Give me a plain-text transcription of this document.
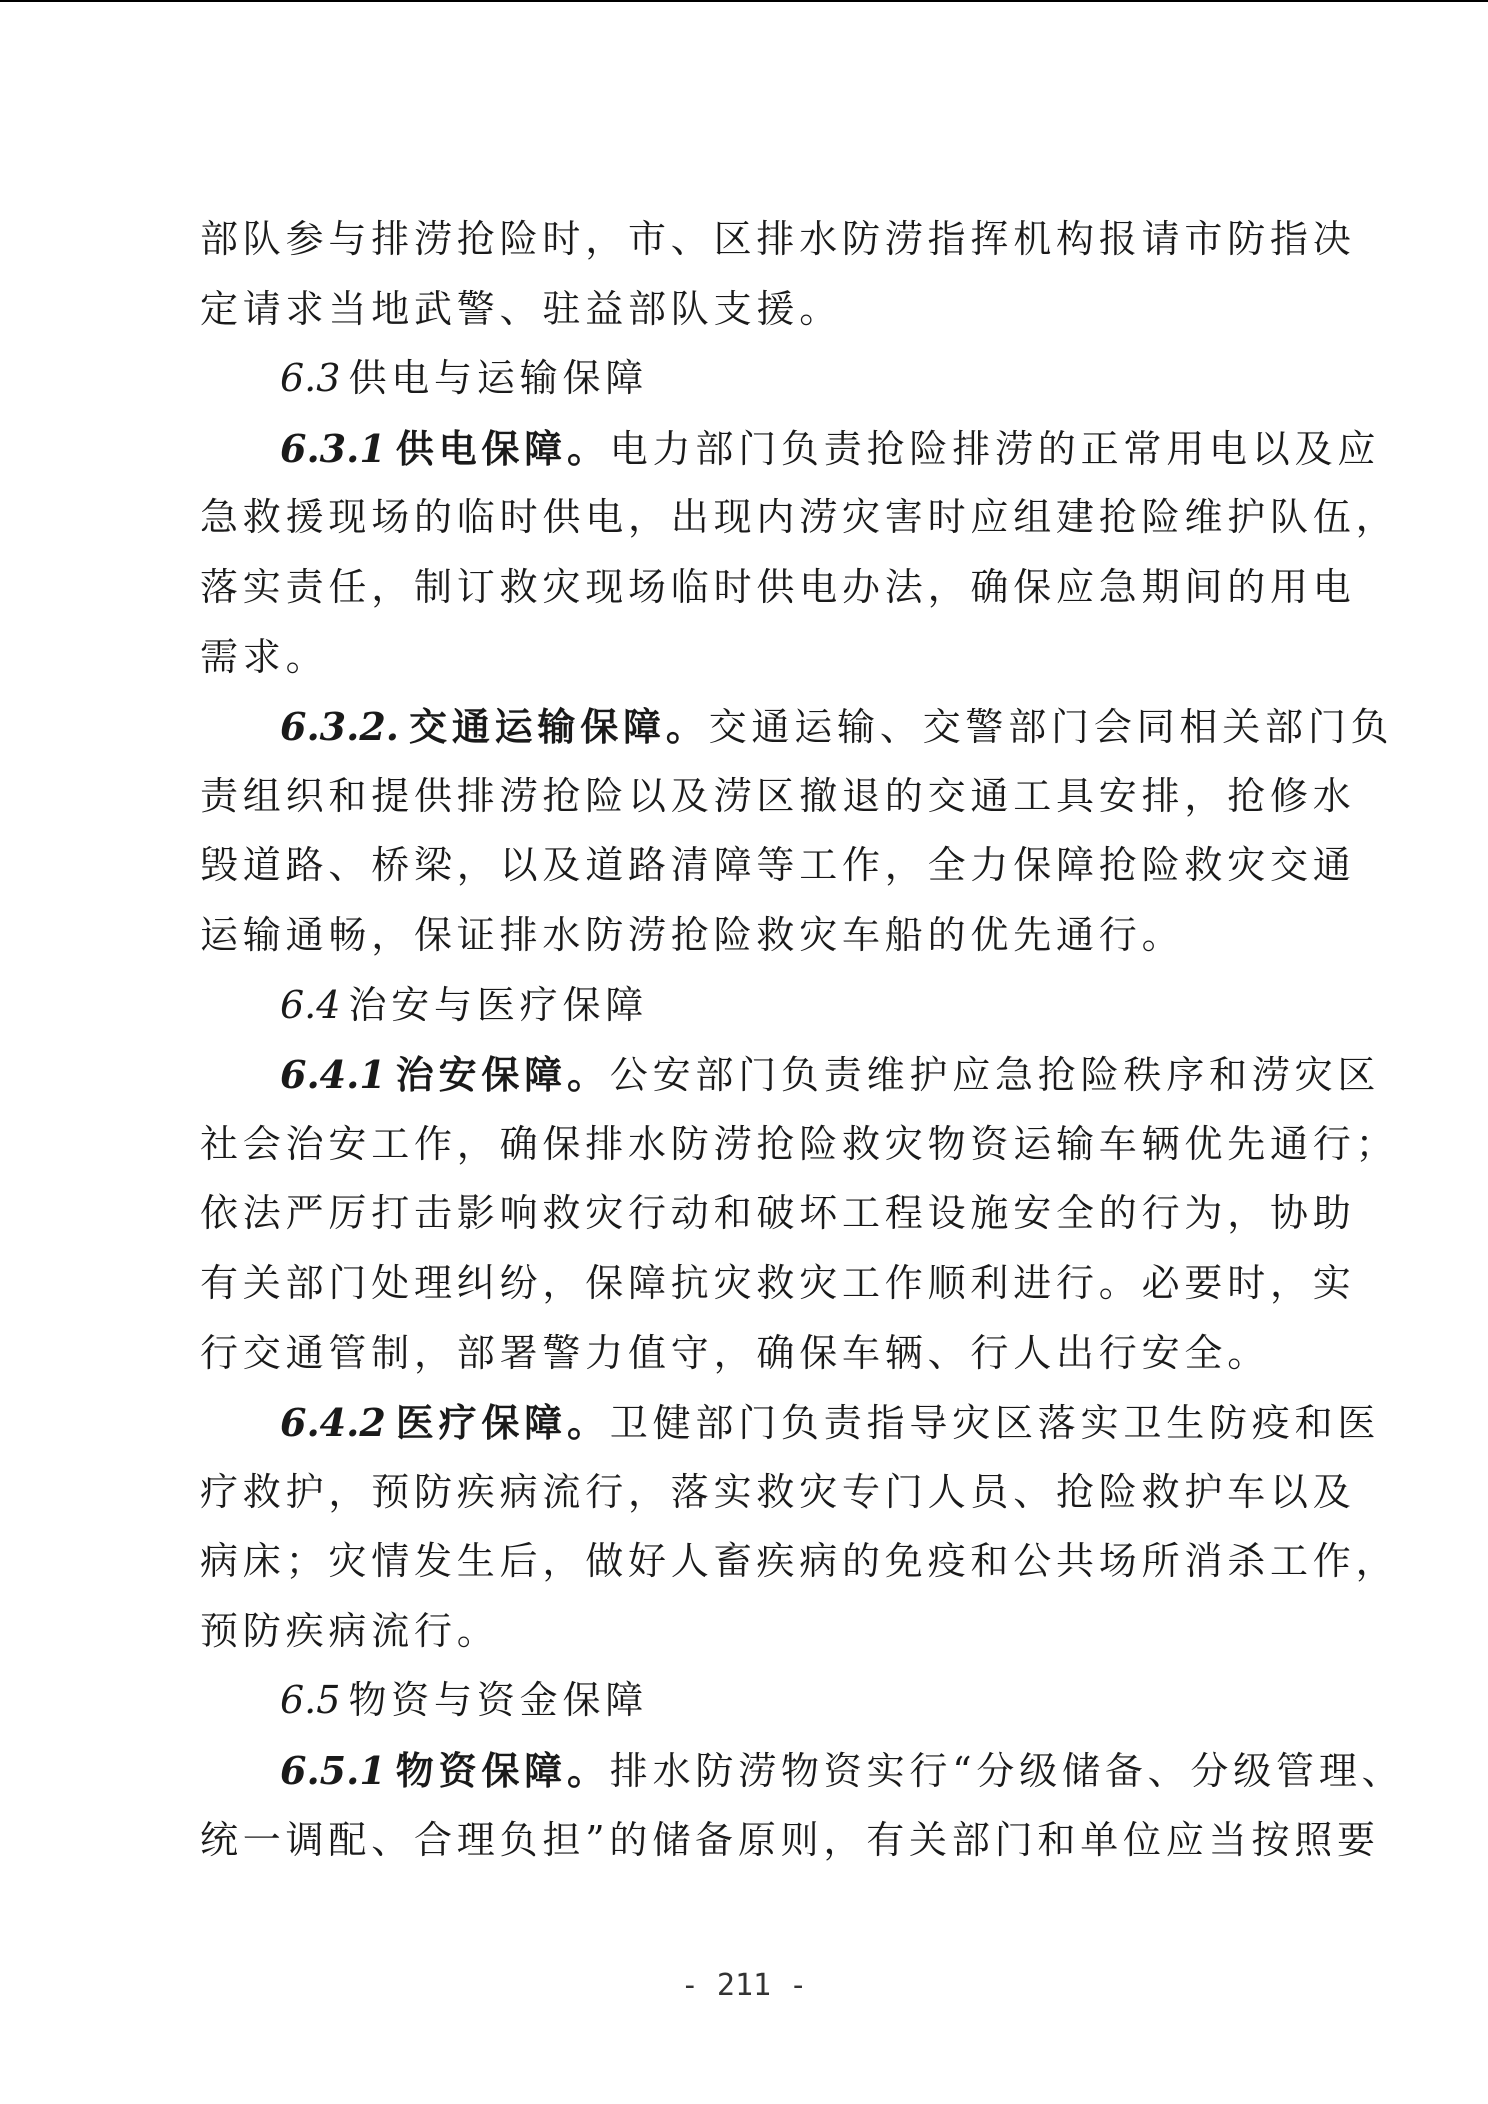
部队参与排涝抢险时，市、区排水防涝指挥机构报请市防指决
定请求当地武警、驻益部队支援。
6.3 供电与运输保障
6.3.1 供电保障。电力部门负责抢险排涝的正常用电以及应
急救援现场的临时供电，出现内涝灾害时应组建抢险维护队伍，
落实责任，制订救灾现场临时供电办法，确保应急期间的用电
需求。
6.3.2. 交通运输保障。交通运输、交警部门会同相关部门负
责组织和提供排涝抢险以及涝区撤退的交通工具安排，抢修水
毁道路、桥梁，以及道路清障等工作，全力保障抢险救灾交通
运输通畅，保证排水防涝抢险救灾车船的优先通行。
6.4 治安与医疗保障
6.4.1 治安保障。公安部门负责维护应急抢险秩序和涝灾区
社会治安工作，确保排水防涝抢险救灾物资运输车辆优先通行；
依法严厉打击影响救灾行动和破坏工程设施安全的行为，协助
有关部门处理纠纷，保障抗灾救灾工作顺利进行。必要时，实
行交通管制，部署警力值守，确保车辆、行人出行安全。
6.4.2 医疗保障。卫健部门负责指导灾区落实卫生防疫和医
疗救护，预防疾病流行，落实救灾专门人员、抢险救护车以及
病床；灾情发生后，做好人畜疾病的免疫和公共场所消杀工作，
预防疾病流行。
6.5 物资与资金保障
6.5.1 物资保障。排水防涝物资实行“分级储备、分级管理、
统一调配、合理负担”的储备原则，有关部门和单位应当按照要
- 211 -
